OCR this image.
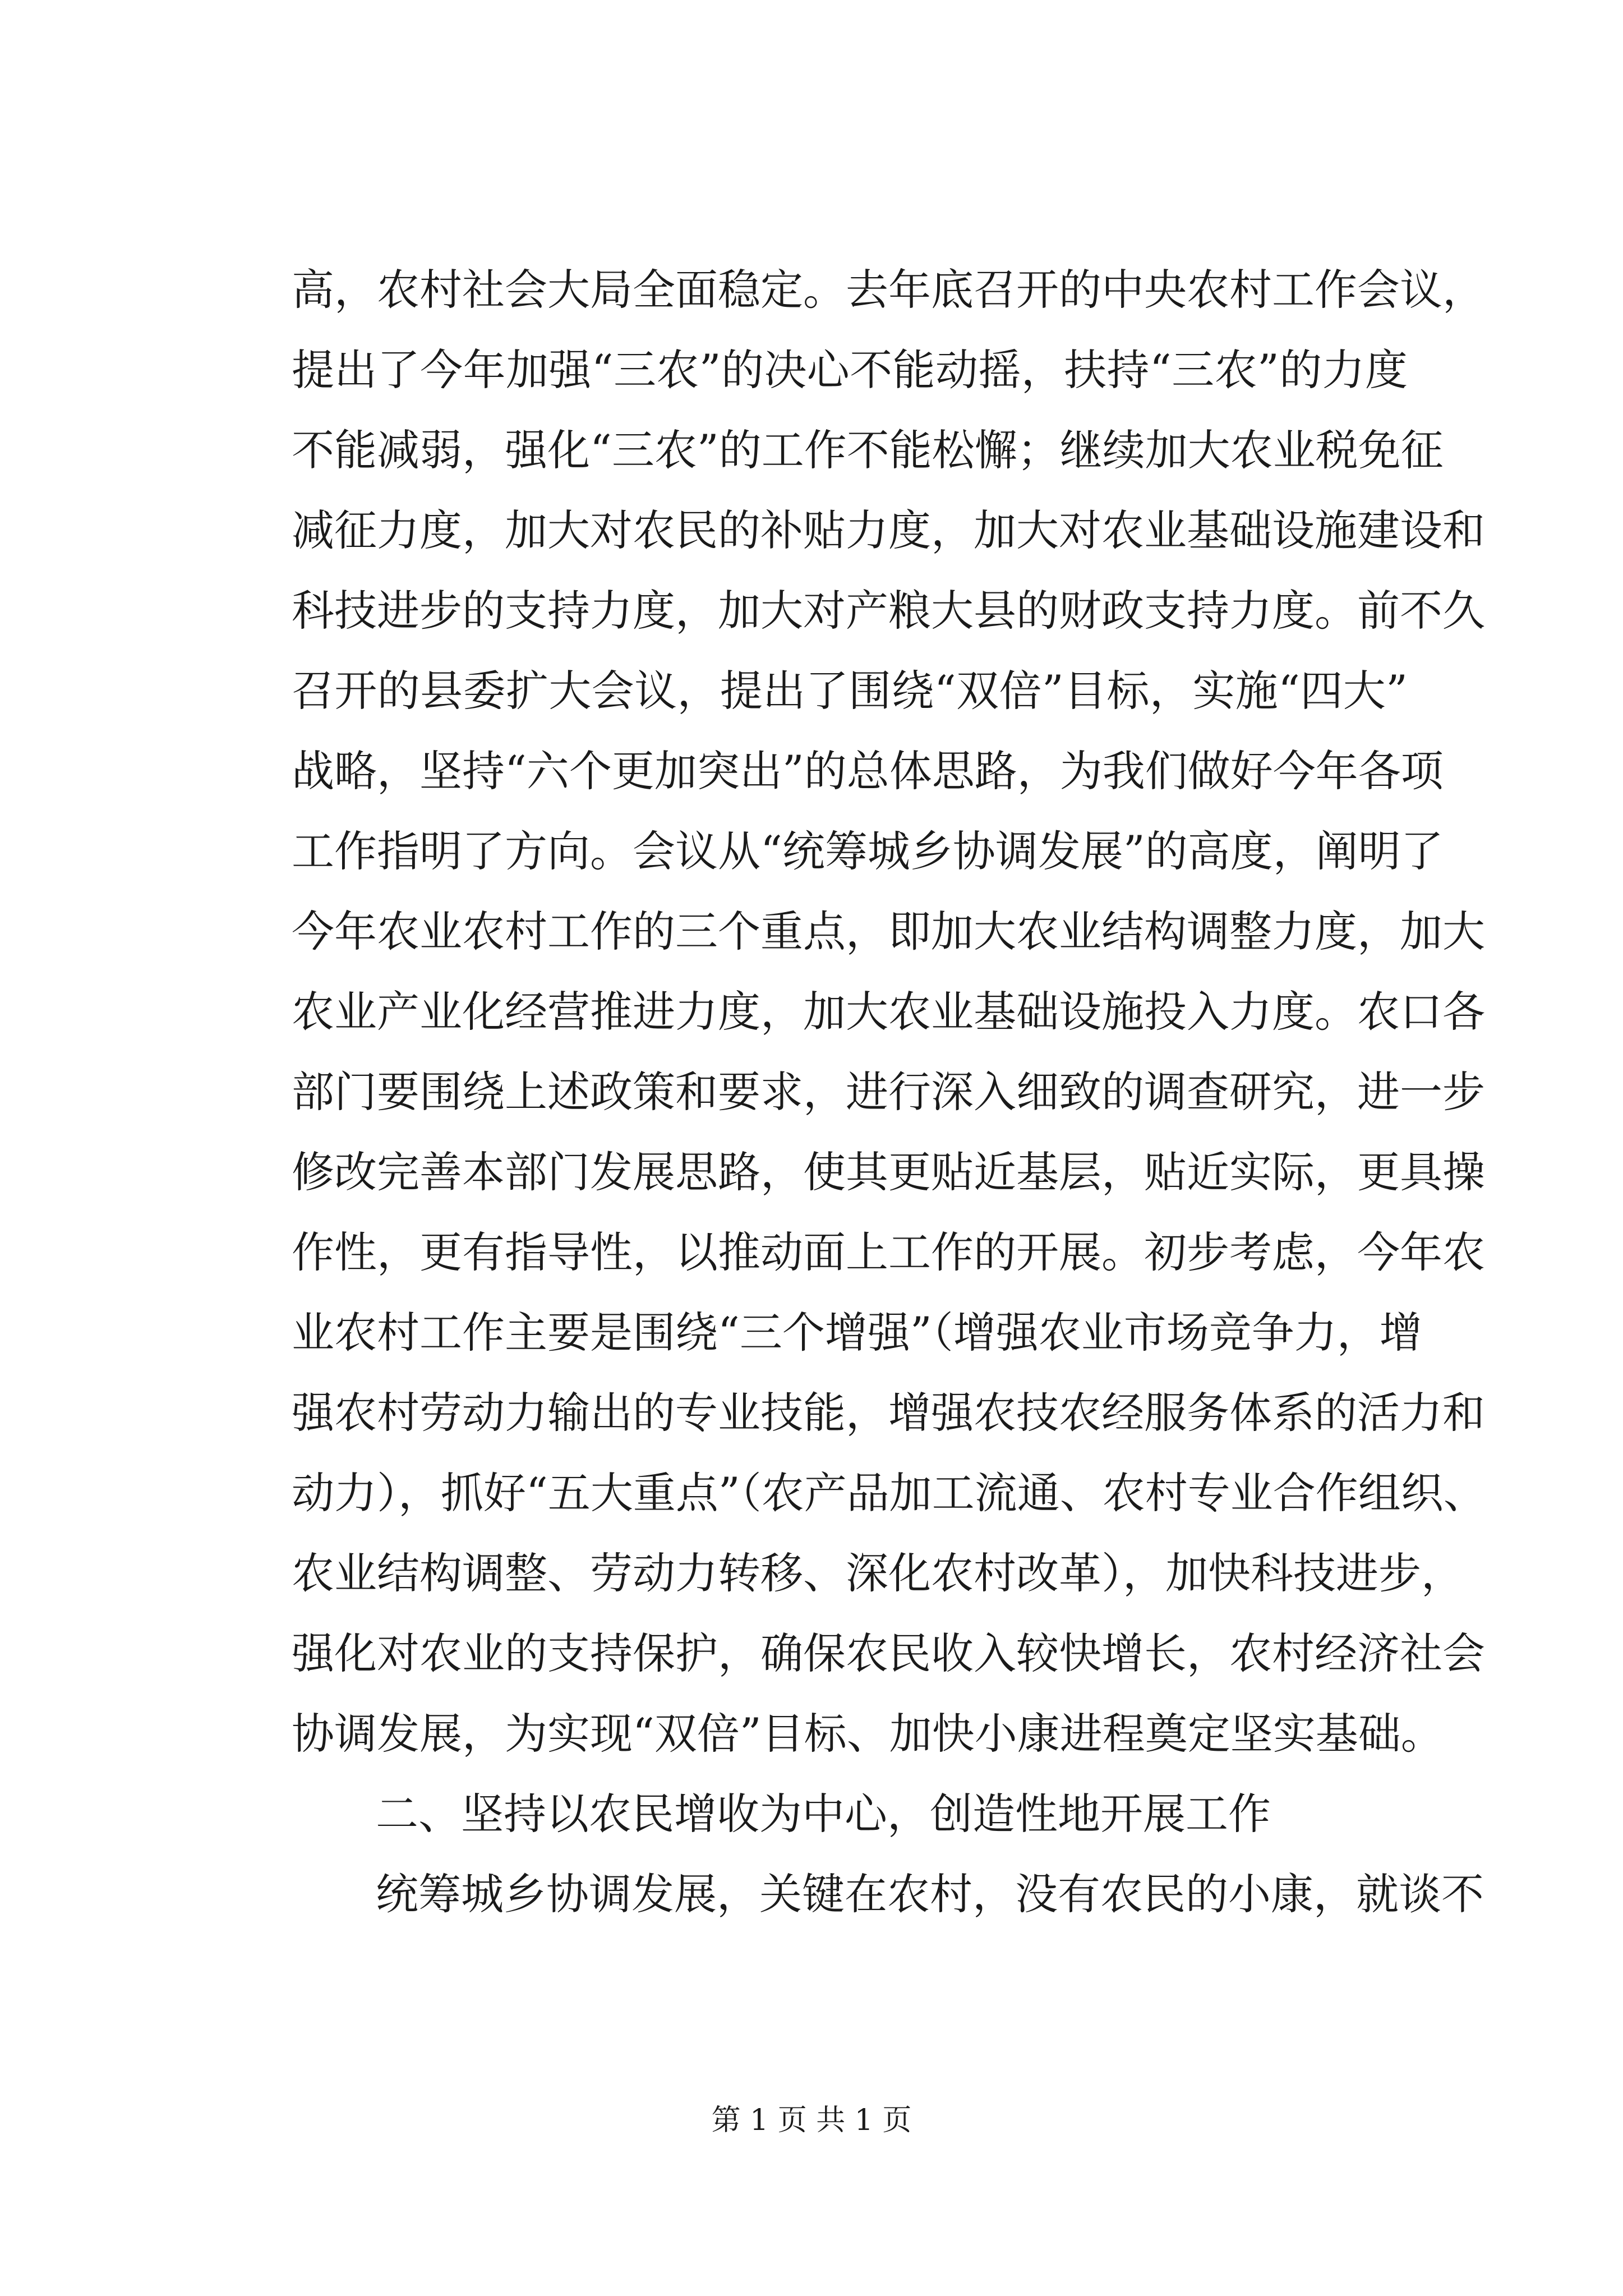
高，农村社会大局全面稳定。去年底召开的中央农村工作会议，
提出了今年加强“三农”的决心不能动摇，扶持“三农”的力度
不能减弱，强化“三农”的工作不能松懈；继续加大农业税免征
减征力度，加大对农民的补贴力度，加大对农业基础设施建设和
科技进步的支持力度，加大对产粮大县的财政支持力度。前不久
召开的县委扩大会议，提出了围绕“双倍”目标，实施“四大”
战略，坚持“六个更加突出”的总体思路，为我们做好今年各项
工作指明了方向。会议从“统筹城乡协调发展”的高度，阐明了
今年农业农村工作的三个重点，即加大农业结构调整力度，加大
农业产业化经营推进力度，加大农业基础设施投入力度。农口各
部门要围绕上述政策和要求，进行深入细致的调查研究，进一步
修改完善本部门发展思路，使其更贴近基层，贴近实际，更具操
作性，更有指导性，以推动面上工作的开展。初步考虑，今年农
业农村工作主要是围绕“三个增强”（增强农业市场竞争力，增
强农村劳动力输出的专业技能，增强农技农经服务体系的活力和
动力），抓好“五大重点”（农产品加工流通、农村专业合作组织、
农业结构调整、劳动力转移、深化农村改革），加快科技进步，
强化对农业的支持保护，确保农民收入较快增长，农村经济社会
协调发展，为实现“双倍”目标、加快小康进程奠定坚实基础。
二、坚持以农民增收为中心，创造性地开展工作
统筹城乡协调发展，关键在农村，没有农民的小康，就谈不
第 1 页 共 1 页
